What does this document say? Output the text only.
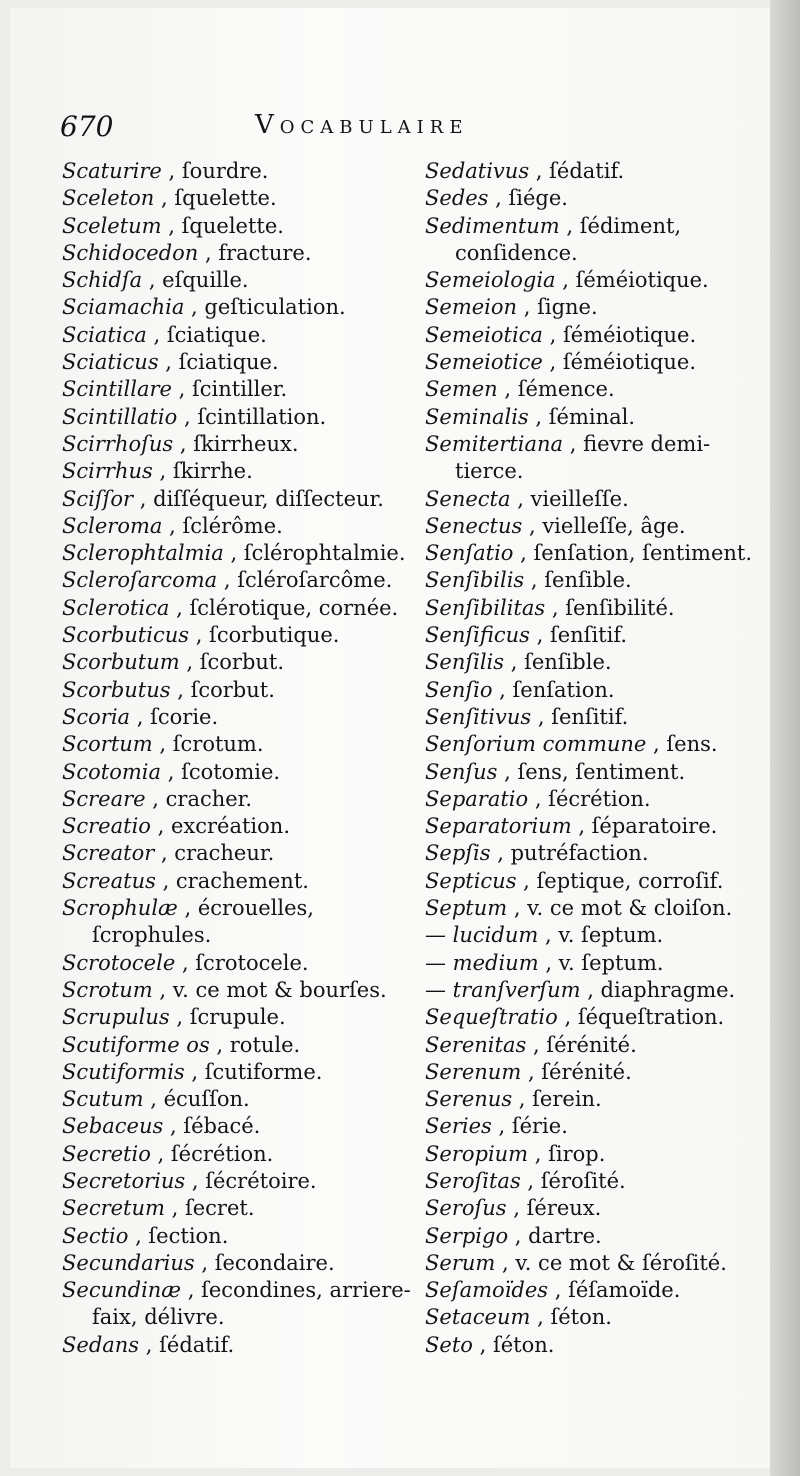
670	Vocabulaire
Scaturire , ſourdre.
Sceleton , ſquelette.
Sceletum , ſquelette.
Schidocedon , fracture.
Schidſa , eſquille.
Sciamachia , geſticulation.
Sciatica , ſciatique.
Sciaticus , ſciatique.
Scintillare , ſcintiller.
Scintillatio , ſcintillation.
Scirrhoſus , ſkirrheux.
Scirrhus , ſkirrhe.
Sciſſor , diſſéqueur, diſſecteur.
Scleroma , ſclérôme.
Sclerophtalmia , ſclérophtalmie.
Scleroſarcoma , ſcléroſarcôme.
Sclerotica , ſclérotique, cornée.
Scorbuticus , ſcorbutique.
Scorbutum , ſcorbut.
Scorbutus , ſcorbut.
Scoria , ſcorie.
Scortum , ſcrotum.
Scotomia , ſcotomie.
Screare , cracher.
Screatio , excréation.
Screator , cracheur.
Screatus , crachement.
Scrophulæ , écrouelles, ſcrophules.
Scrotocele , ſcrotocele.
Scrotum , v. ce mot & bourſes.
Scrupulus , ſcrupule.
Scutiforme os , rotule.
Scutiformis , ſcutiforme.
Scutum , écuſſon.
Sebaceus , ſébacé.
Secretio , ſécrétion.
Secretorius , ſécrétoire.
Secretum , ſecret.
Sectio , ſection.
Secundarius , ſecondaire.
Secundinæ , ſecondines, arriere-faix, délivre.
Sedans , ſédatif.
Sedativus , ſédatif.
Sedes , ſiége.
Sedimentum , ſédiment, conſidence.
Semeiologia , ſéméiotique.
Semeion , ſigne.
Semeiotica , ſéméiotique.
Semeiotice , ſéméiotique.
Semen , ſémence.
Seminalis , ſéminal.
Semitertiana , fievre demi-tierce.
Senecta , vieilleſſe.
Senectus , vielleſſe, âge.
Senſatio , ſenſation, ſentiment.
Senſibilis , ſenſible.
Senſibilitas , ſenſibilité.
Senſificus , ſenſitif.
Senſilis , ſenſible.
Senſio , ſenſation.
Senſitivus , ſenſitif.
Senſorium commune , ſens.
Senſus , ſens, ſentiment.
Separatio , ſécrétion.
Separatorium , ſéparatoire.
Sepſis , putréfaction.
Septicus , ſeptique, corroſif.
Septum , v. ce mot & cloiſon.
— lucidum , v. ſeptum.
— medium , v. ſeptum.
— tranſverſum , diaphragme.
Sequeſtratio , ſéqueſtration.
Serenitas , ſérénité.
Serenum , ſérénité.
Serenus , ſerein.
Series , ſérie.
Seropium , ſirop.
Seroſitas , ſéroſité.
Seroſus , ſéreux.
Serpigo , dartre.
Serum , v. ce mot & ſéroſité.
Seſamoïdes , ſéſamoïde.
Setaceum , ſéton.
Seto , ſéton.
